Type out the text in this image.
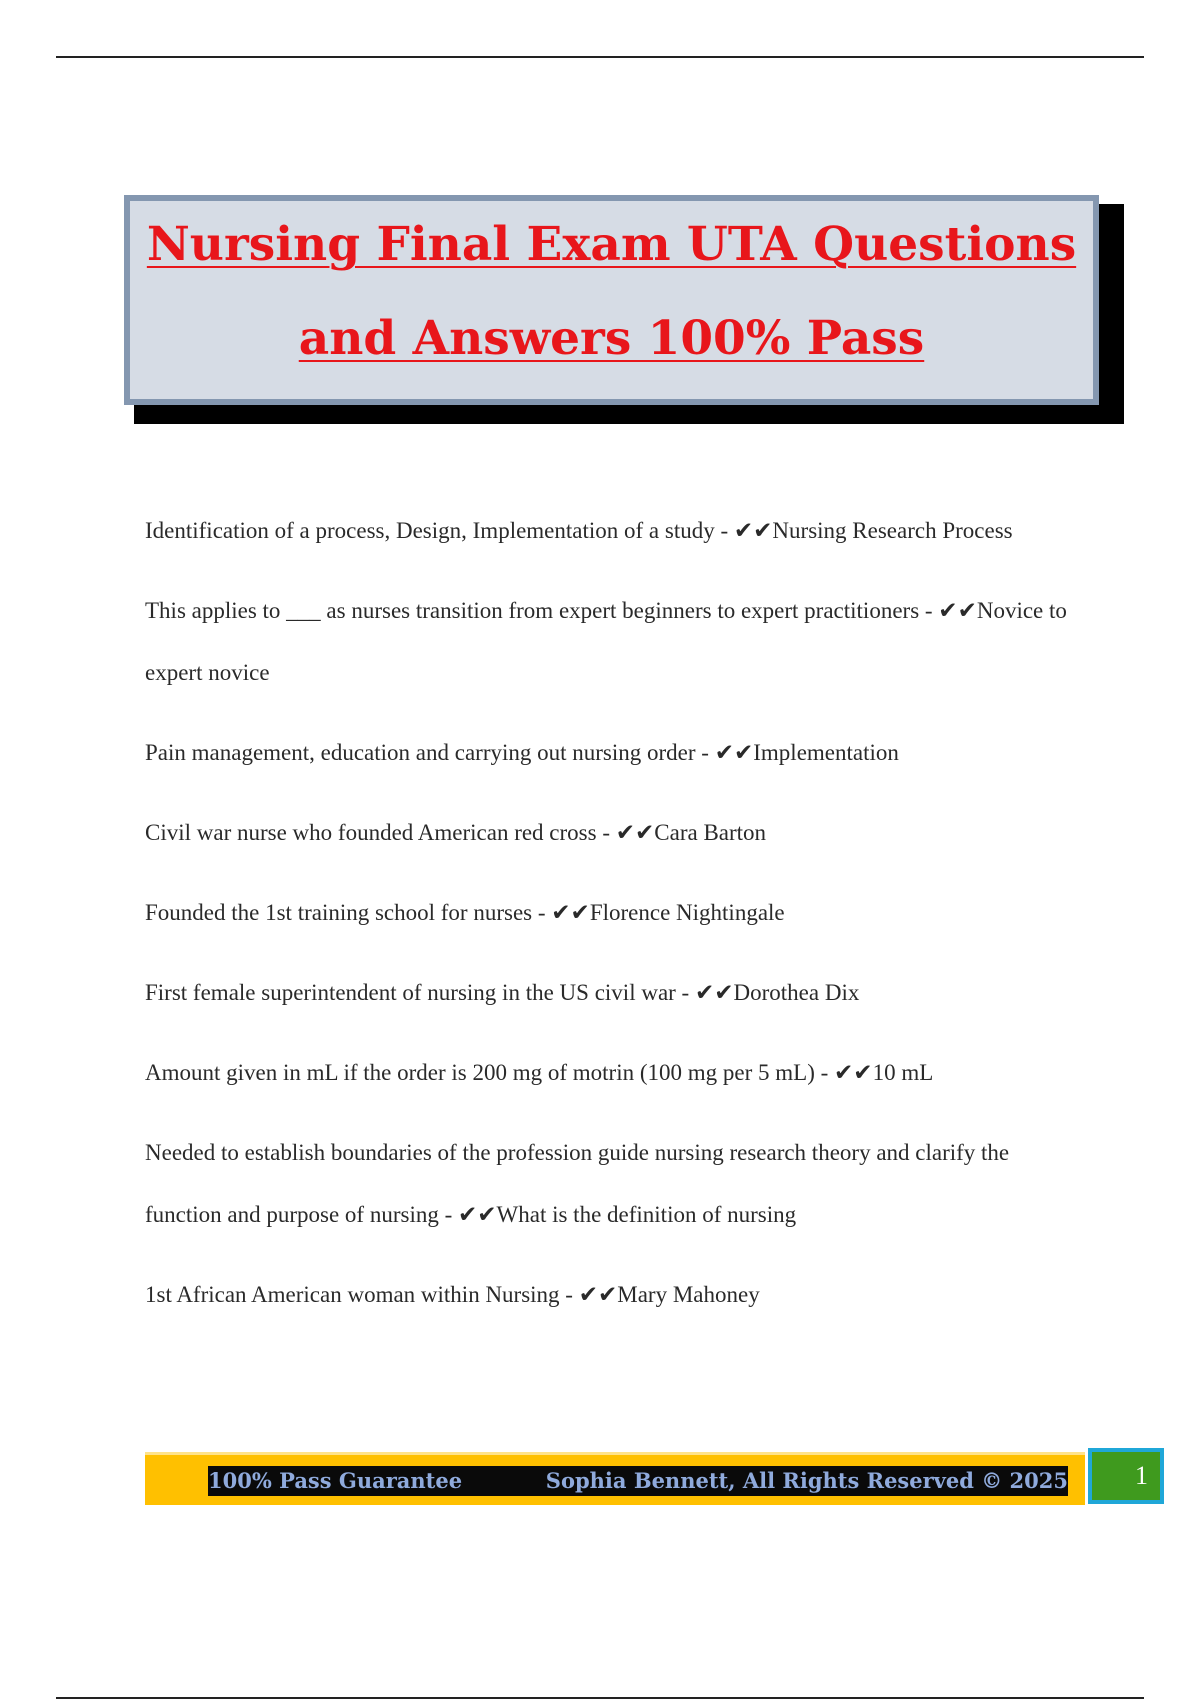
Nursing Final Exam UTA Questions
and Answers 100% Pass

Identification of a process, Design, Implementation of a study - ✔✔Nursing Research Process

This applies to ___ as nurses transition from expert beginners to expert practitioners - ✔✔Novice to expert novice

Pain management, education and carrying out nursing order - ✔✔Implementation

Civil war nurse who founded American red cross - ✔✔Cara Barton

Founded the 1st training school for nurses - ✔✔Florence Nightingale

First female superintendent of nursing in the US civil war - ✔✔Dorothea Dix

Amount given in mL if the order is 200 mg of motrin (100 mg per 5 mL) - ✔✔10 mL

Needed to establish boundaries of the profession guide nursing research theory and clarify the function and purpose of nursing - ✔✔What is the definition of nursing

1st African American woman within Nursing - ✔✔Mary Mahoney

100% Pass Guarantee	Sophia Bennett, All Rights Reserved © 2025	1
